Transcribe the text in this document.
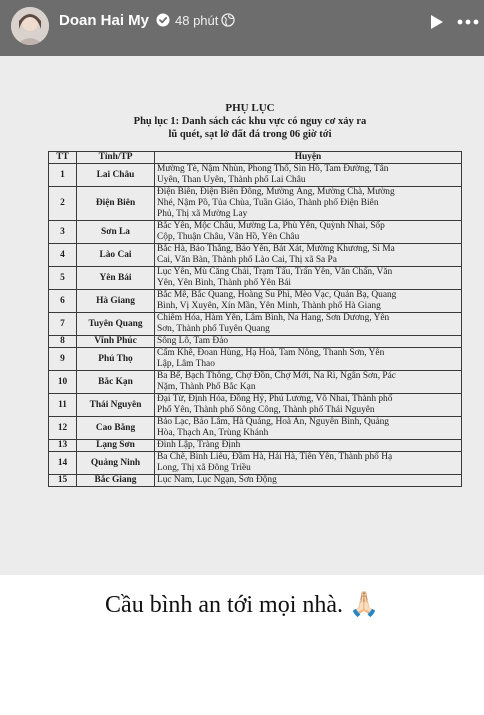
Doan Hai My 48 phút
PHỤ LỤC
Phụ lục 1: Danh sách các khu vực có nguy cơ xảy ra
lũ quét, sạt lở đất đá trong 06 giờ tới
TT	Tỉnh/TP	Huyện
1	Lai Châu	Mường Tè, Nậm Nhùn, Phong Thổ, Sìn Hồ, Tam Đường, Tân
Uyên, Than Uyên, Thành phố Lai Châu

2	Điện Biên	Điện Biên, Điện Biên Đông, Mường Ảng, Mường Chà, Mường
Nhé, Nậm Pồ, Tủa Chùa, Tuần Giáo, Thành phố Điện Biên
Phủ, Thị xã Mường Lay

3	Sơn La	Bắc Yên, Mộc Châu, Mường La, Phù Yên, Quỳnh Nhai, Sốp
Cộp, Thuận Châu, Vân Hồ, Yên Châu

4	Lào Cai	Bắc Hà, Bảo Thắng, Bảo Yên, Bát Xát, Mường Khương, Si Ma
Cai, Văn Bàn, Thành phố Lào Cai, Thị xã Sa Pa

5	Yên Bái	Lục Yên, Mù Căng Chải, Trạm Tấu, Trấn Yên, Văn Chấn, Văn
Yên, Yên Bình, Thành phố Yên Bái

6	Hà Giang	Bắc Mê, Bắc Quang, Hoàng Su Phì, Mèo Vạc, Quản Bạ, Quang
Bình, Vị Xuyên, Xín Mần, Yên Minh, Thành phố Hà Giang

7	Tuyên Quang	Chiêm Hóa, Hàm Yên, Lâm Bình, Na Hang, Sơn Dương, Yên
Sơn, Thành phố Tuyên Quang

8	Vĩnh Phúc	Sông Lô, Tam Đảo

9	Phú Thọ	Cẩm Khê, Đoan Hùng, Hạ Hoà, Tam Nông, Thanh Sơn, Yên
Lập, Lâm Thao

10	Bắc Kạn	Ba Bể, Bạch Thông, Chợ Đồn, Chợ Mới, Na Rì, Ngân Sơn, Pác
Nặm, Thành Phố Bắc Kạn

11	Thái Nguyên	Đại Từ, Định Hóa, Đồng Hỷ, Phú Lương, Võ Nhai, Thành phố
Phổ Yên, Thành phố Sông Công, Thành phố Thái Nguyên

12	Cao Bằng	Bảo Lạc, Bảo Lâm, Hà Quảng, Hoà An, Nguyên Bình, Quảng
Hòa, Thạch An, Trùng Khánh

13	Lạng Sơn	Đình Lập, Tràng Định

14	Quảng Ninh	Ba Chẽ, Bình Liêu, Đầm Hà, Hải Hà, Tiên Yên, Thành phố Hạ
Long, Thị xã Đông Triều

15	Bắc Giang	Lục Nam, Lục Ngạn, Sơn Động
Cầu bình an tới mọi nhà. 🙏🏻
